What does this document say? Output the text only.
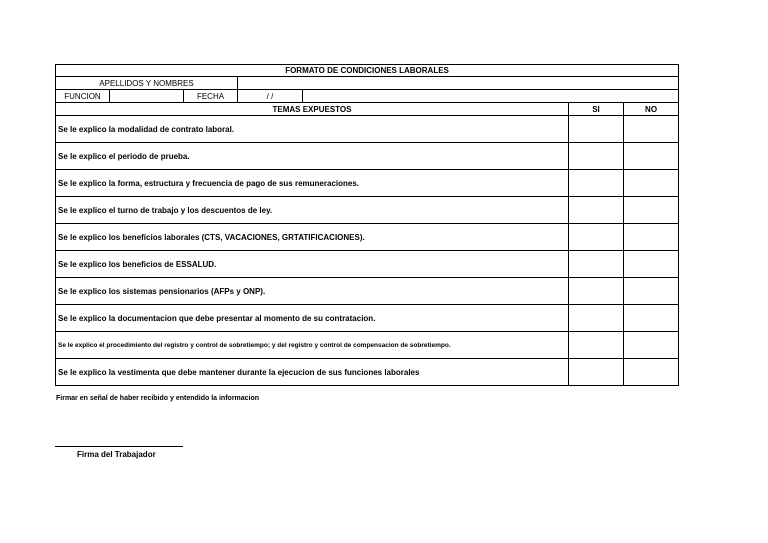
FORMATO DE CONDICIONES LABORALES						
APELLIDOS Y NOMBRES						
FUNCION		FECHA	/ /			
TEMAS EXPUESTOS					SI	NO
Se le explico la modalidad de contrato laboral.						
Se le explico el periodo de prueba.						
Se le explico la forma, estructura y frecuencia de pago de sus remuneraciones.						
Se le explico el turno de trabajo y los descuentos de ley.						
Se le explico los beneficios laborales (CTS, VACACIONES, GRTATIFICACIONES).						
Se le explico los beneficios de ESSALUD.						
Se le explico los sistemas pensionarios (AFPs y ONP).						
Se le explico la documentacion que debe presentar al momento de su contratacion.						
Se le explico el procedimiento del registro y control de sobretiempo; y del registro y control de compensacion de sobretiempo.						
Se le explico la vestimenta que debe mantener durante la ejecucion de sus funciones laborales						
Firmar en señal de haber recibido y entendido la informacion
Firma del Trabajador
